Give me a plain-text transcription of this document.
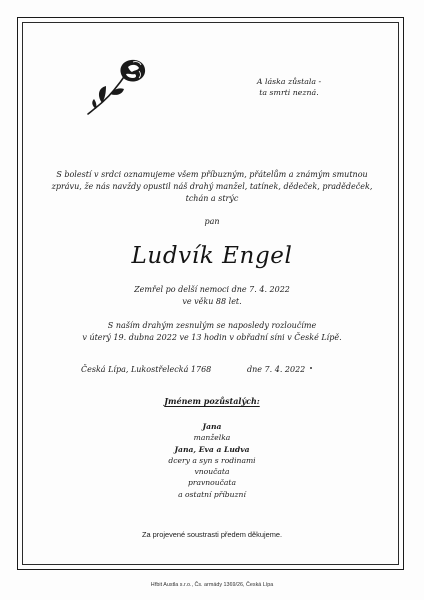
A láska zůstala -
ta smrti nezná.
S bolestí v srdci oznamujeme všem příbuzným, přátelům a známým smutnou
zprávu, že nás navždy opustil náš drahý manžel, tatínek, dědeček, pradědeček,
tchán a strýc
pan
Ludvík Engel
Zemřel po delší nemoci dne 7. 4. 2022
ve věku 88 let.
S naším drahým zesnulým se naposledy rozloučíme
v úterý 19. dubna 2022 ve 13 hodin v obřadní síni v České Lípě.
Česká Lípa, Lukostřelecká 1768	dne 7. 4. 2022
Jménem pozůstalých:
Jana
manželka
Jana, Eva a Ludva
dcery a syn s rodinami
vnoučata
pravnoučata
a ostatní příbuzní
Za projevené soustrasti předem děkujeme.
Hřbit Austla s.r.o., Čs. armády 1369/26, Česká Lípa
